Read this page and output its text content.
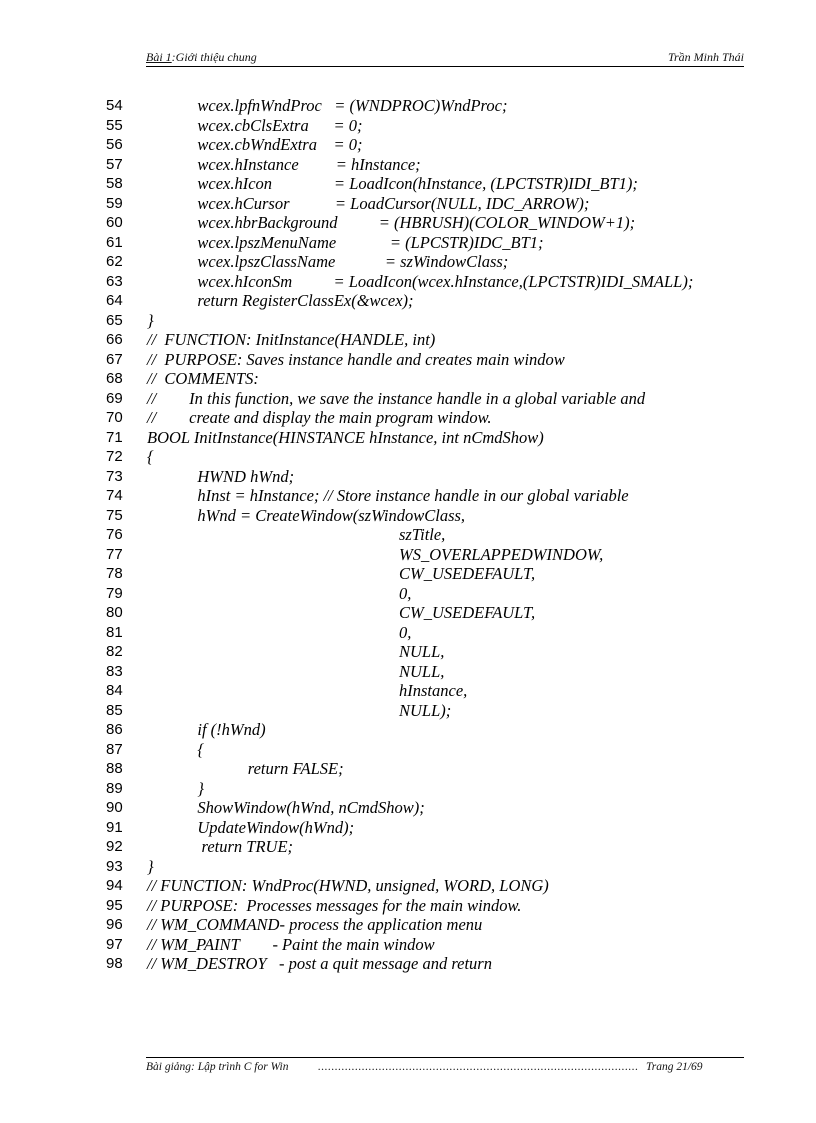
Bài 1:Giới thiệu chung	Trần Minh Thái
54	wcex.lpfnWndProc   = (WNDPROC)WndProc;
55	wcex.cbClsExtra      = 0;
56	wcex.cbWndExtra    = 0;
57	wcex.hInstance         = hInstance;
58	wcex.hIcon               = LoadIcon(hInstance, (LPCTSTR)IDI_BT1);
59	wcex.hCursor           = LoadCursor(NULL, IDC_ARROW);
60	wcex.hbrBackground          = (HBRUSH)(COLOR_WINDOW+1);
61	wcex.lpszMenuName             = (LPCSTR)IDC_BT1;
62	wcex.lpszClassName            = szWindowClass;
63	wcex.hIconSm          = LoadIcon(wcex.hInstance,(LPCTSTR)IDI_SMALL);
64	return RegisterClassEx(&wcex);
65	}
66	//  FUNCTION: InitInstance(HANDLE, int)
67	//  PURPOSE: Saves instance handle and creates main window
68	//  COMMENTS:
69	//        In this function, we save the instance handle in a global variable and
70	//        create and display the main program window.
71	BOOL InitInstance(HINSTANCE hInstance, int nCmdShow)
72	{
73	HWND hWnd;
74	hInst = hInstance; // Store instance handle in our global variable
75	hWnd = CreateWindow(szWindowClass,
76	szTitle,
77	WS_OVERLAPPEDWINDOW,
78	CW_USEDEFAULT,
79	0,
80	CW_USEDEFAULT,
81	0,
82	NULL,
83	NULL,
84	hInstance,
85	NULL);
86	if (!hWnd)
87	{
88	return FALSE;
89	}
90	ShowWindow(hWnd, nCmdShow);
91	UpdateWindow(hWnd);
92	return TRUE;
93	}
94	// FUNCTION: WndProc(HWND, unsigned, WORD, LONG)
95	// PURPOSE:  Processes messages for the main window.
96	// WM_COMMAND- process the application menu
97	// WM_PAINT        - Paint the main window
98	// WM_DESTROY   - post a quit message and return
Bài giảng: Lập trình C for Win	............................................................................................... Trang 21/69
